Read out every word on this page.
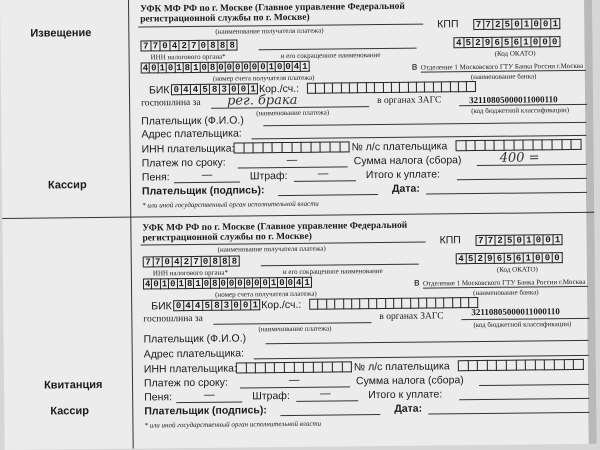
Извещение
Кассир
УФК МФ РФ по г. Москве (Главное управление Федеральной
регистрационной службы по г. Москве)
(наименование получателя платежа)
КПП 7 7 2 5 0 1 0 0 1
7 7 0 4 2 7 0 8 8 8
ИНН налогового органа*	и его сокращенное наименование
4 5 2 9 6 5 6 1 0 0 0
(Код ОКАТО)
4 0 1 0 1 8 1 0 8 0 0 0 0 0 0 1 0 0 4 1
(номер счета получателя платежа)
в Отделение 1 Московского ГТУ Банка России г.Москва
(наименование банка)
БИК 0 4 4 5 8 3 0 0 1 Кор./сч.:
госпошлина за рег. брака
(наименование платежа)
в органах ЗАГС	32110805000011000110
(код бюджетной классификации)
Плательщик (Ф.И.О.)
Адрес плательщика:
ИНН плательщика:	№ л/с плательщика
Платеж по сроку:	—	Сумма налога (сбора)	400 =
Пеня:	—	Штраф:	—	Итого к уплате:
Плательщик (подпись):	Дата:
* или иной государственный орган исполнительной власти
Квитанция
Кассир
УФК МФ РФ по г. Москве (Главное управление Федеральной
регистрационной службы по г. Москве)
(наименование получателя платежа)
КПП 7 7 2 5 0 1 0 0 1
7 7 0 4 2 7 0 8 8 8
ИНН налогового органа*	и его сокращенное наименование
4 5 2 9 6 5 6 1 0 0 0
(Код ОКАТО)
4 0 1 0 1 8 1 0 8 0 0 0 0 0 0 1 0 0 4 1
(номер счета получателя платежа)
в Отделение 1 Московского ГТУ Банка России г.Москва
(наименование банка)
БИК 0 4 4 5 8 3 0 0 1 Кор./сч.:
госпошлина за
(наименование платежа)
в органах ЗАГС	32110805000011000110
(код бюджетной классификации)
Плательщик (Ф.И.О.)
Адрес плательщика:
ИНН плательщика:	№ л/с плательщика
Платеж по сроку:	—	Сумма налога (сбора)
Пеня:	—	Штраф:	—	Итого к уплате:
Плательщик (подпись):	Дата:
* или иной государственный орган исполнительной власти
